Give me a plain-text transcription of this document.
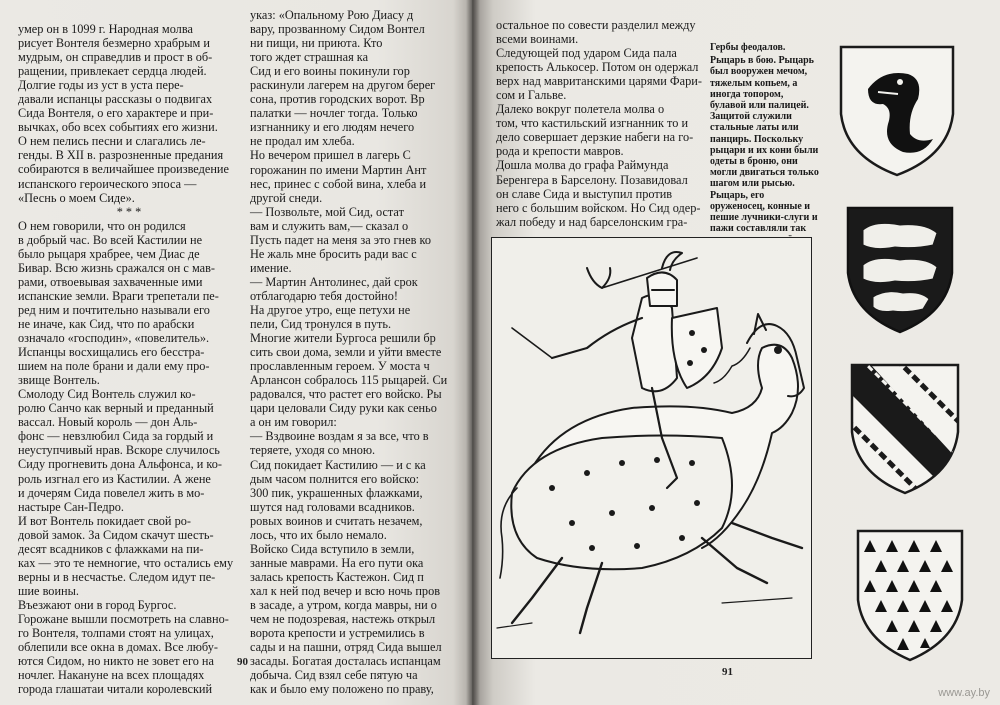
умер он в 1099 г. Народная молва
рисует Вонтеля безмерно храбрым и
мудрым, он справедлив и прост в об-
ращении, привлекает сердца людей.
Долгие годы из уст в уста пере-
давали испанцы рассказы о подвигах
Сида Вонтеля, о его характере и при-
вычках, обо всех событиях его жизни.
О нем пелись песни и слагались ле-
генды. В XII в. разрозненные предания
собираются в величайшее произведение
испанского героического эпоса —
«Песнь о моем Сиде».

* * *

О нем говорили, что он родился
в добрый час. Во всей Кастилии не
было рыцаря храбрее, чем Диас де
Бивар. Всю жизнь сражался он с мав-
рами, отвоевывая захваченные ими
испанские земли. Враги трепетали пе-
ред ним и почтительно называли его
не иначе, как Сид, что по арабски
означало «господин», «повелитель».
Испанцы восхищались его бесстра-
шием на поле брани и дали ему про-
звище Вонтель.
Смолоду Сид Вонтель служил ко-
ролю Санчо как верный и преданный
вассал. Новый король — дон Аль-
фонс — невзлюбил Сида за гордый и
неуступчивый нрав. Вскоре случилось
Сиду прогневить дона Альфонса, и ко-
роль изгнал его из Кастилии. А жене
и дочерям Сида повелел жить в мо-
настыре Сан-Педро.
И вот Вонтель покидает свой ро-
довой замок. За Сидом скачут шесть-
десят всадников с флажками на пи-
ках — это те немногие, что остались ему
верны и в несчастье. Следом идут пе-
шие воины.
Въезжают они в город Бургос.
Горожане вышли посмотреть на славно-
го Вонтеля, толпами стоят на улицах,
облепили все окна в домах. Все любу-
ются Сидом, но никто не зовет его на
ночлег. Накануне на всех площадях
города глашатаи читали королевский

указ: «Опальному Рою Диасу д
вару, прозванному Сидом Вонтел
ни пищи, ни приюта. Кто
того ждет страшная ка
Сид и его воины покинули гор
раскинули лагерем на другом берег
сона, против городских ворот. Вр
палатки — ночлег тогда. Только
изгнаннику и его людям нечего
не продал им хлеба.
Но вечером пришел в лагерь С
горожанин по имени Мартин Ант
нес, принес с собой вина, хлеба и
другой снеди.
— Позвольте, мой Сид, остат
вам и служить вам,— сказал о
Пусть падет на меня за это гнев ко
Не жаль мне бросить ради вас с
имение.
— Мартин Антолинес, дай срок
отблагодарю тебя достойно!
На другое утро, еще петухи не
пели, Сид тронулся в путь.
Многие жители Бургоса решили бр
сить свои дома, земли и уйти вместе
прославленным героем. У моста ч
Арлансон собралось 115 рыцарей. Си
радовался, что растет его войско. Ры
цари целовали Сиду руки как сеньо
а он им говорил:
— Вздвоине воздам я за все, что в
теряете, уходя со мною.
Сид покидает Кастилию — и с ка
дым часом полнится его войско:
300 пик, украшенных флажками,
шутся над головами всадников.
ровых воинов и считать незачем,
лось, что их было немало.
Войско Сида вступило в земли,
занные маврами. На его пути ока
залась крепость Кастежон. Сид п
хал к ней под вечер и всю ночь пров
в засаде, а утром, когда мавры, ни о
чем не подозревая, настежь открыл
ворота крепости и устремились в
сады и на пашни, отряд Сида вышел
засады. Богатая досталась испанцам
добыча. Сид взял себе пятую ча
как и было ему положено по праву,

90

остальное по совести разделил между
всеми воинами.
Следующей под ударом Сида пала
крепость Алькосер. Потом он одержал
верх над мавританскими царями Фари-
сом и Гальве.
Далеко вокруг полетела молва о
том, что кастильский изгнанник то и
дело совершает дерзкие набеги на го-
рода и крепости мавров.
Дошла молва до графа Раймунда
Беренгера в Барселону. Позавидовал
он славе Сида и выступил против
него с большим войском. Но Сид одер-
жал победу и над барселонским гра-

91

Гербы феодалов.

Рыцарь в бою. Рыцарь
был вооружен мечом,
тяжелым копьем, а
иногда топором,
булавой или палицей.
Защитой служили
стальные латы или
панцирь. Поскольку
рыцари и их кони были
одеты в броню, они
могли двигаться только
шагом или рысью.
Рыцарь, его
оруженосец, конные и
пешие лучники-слуги и
пажи составляли так

www.ay.by
